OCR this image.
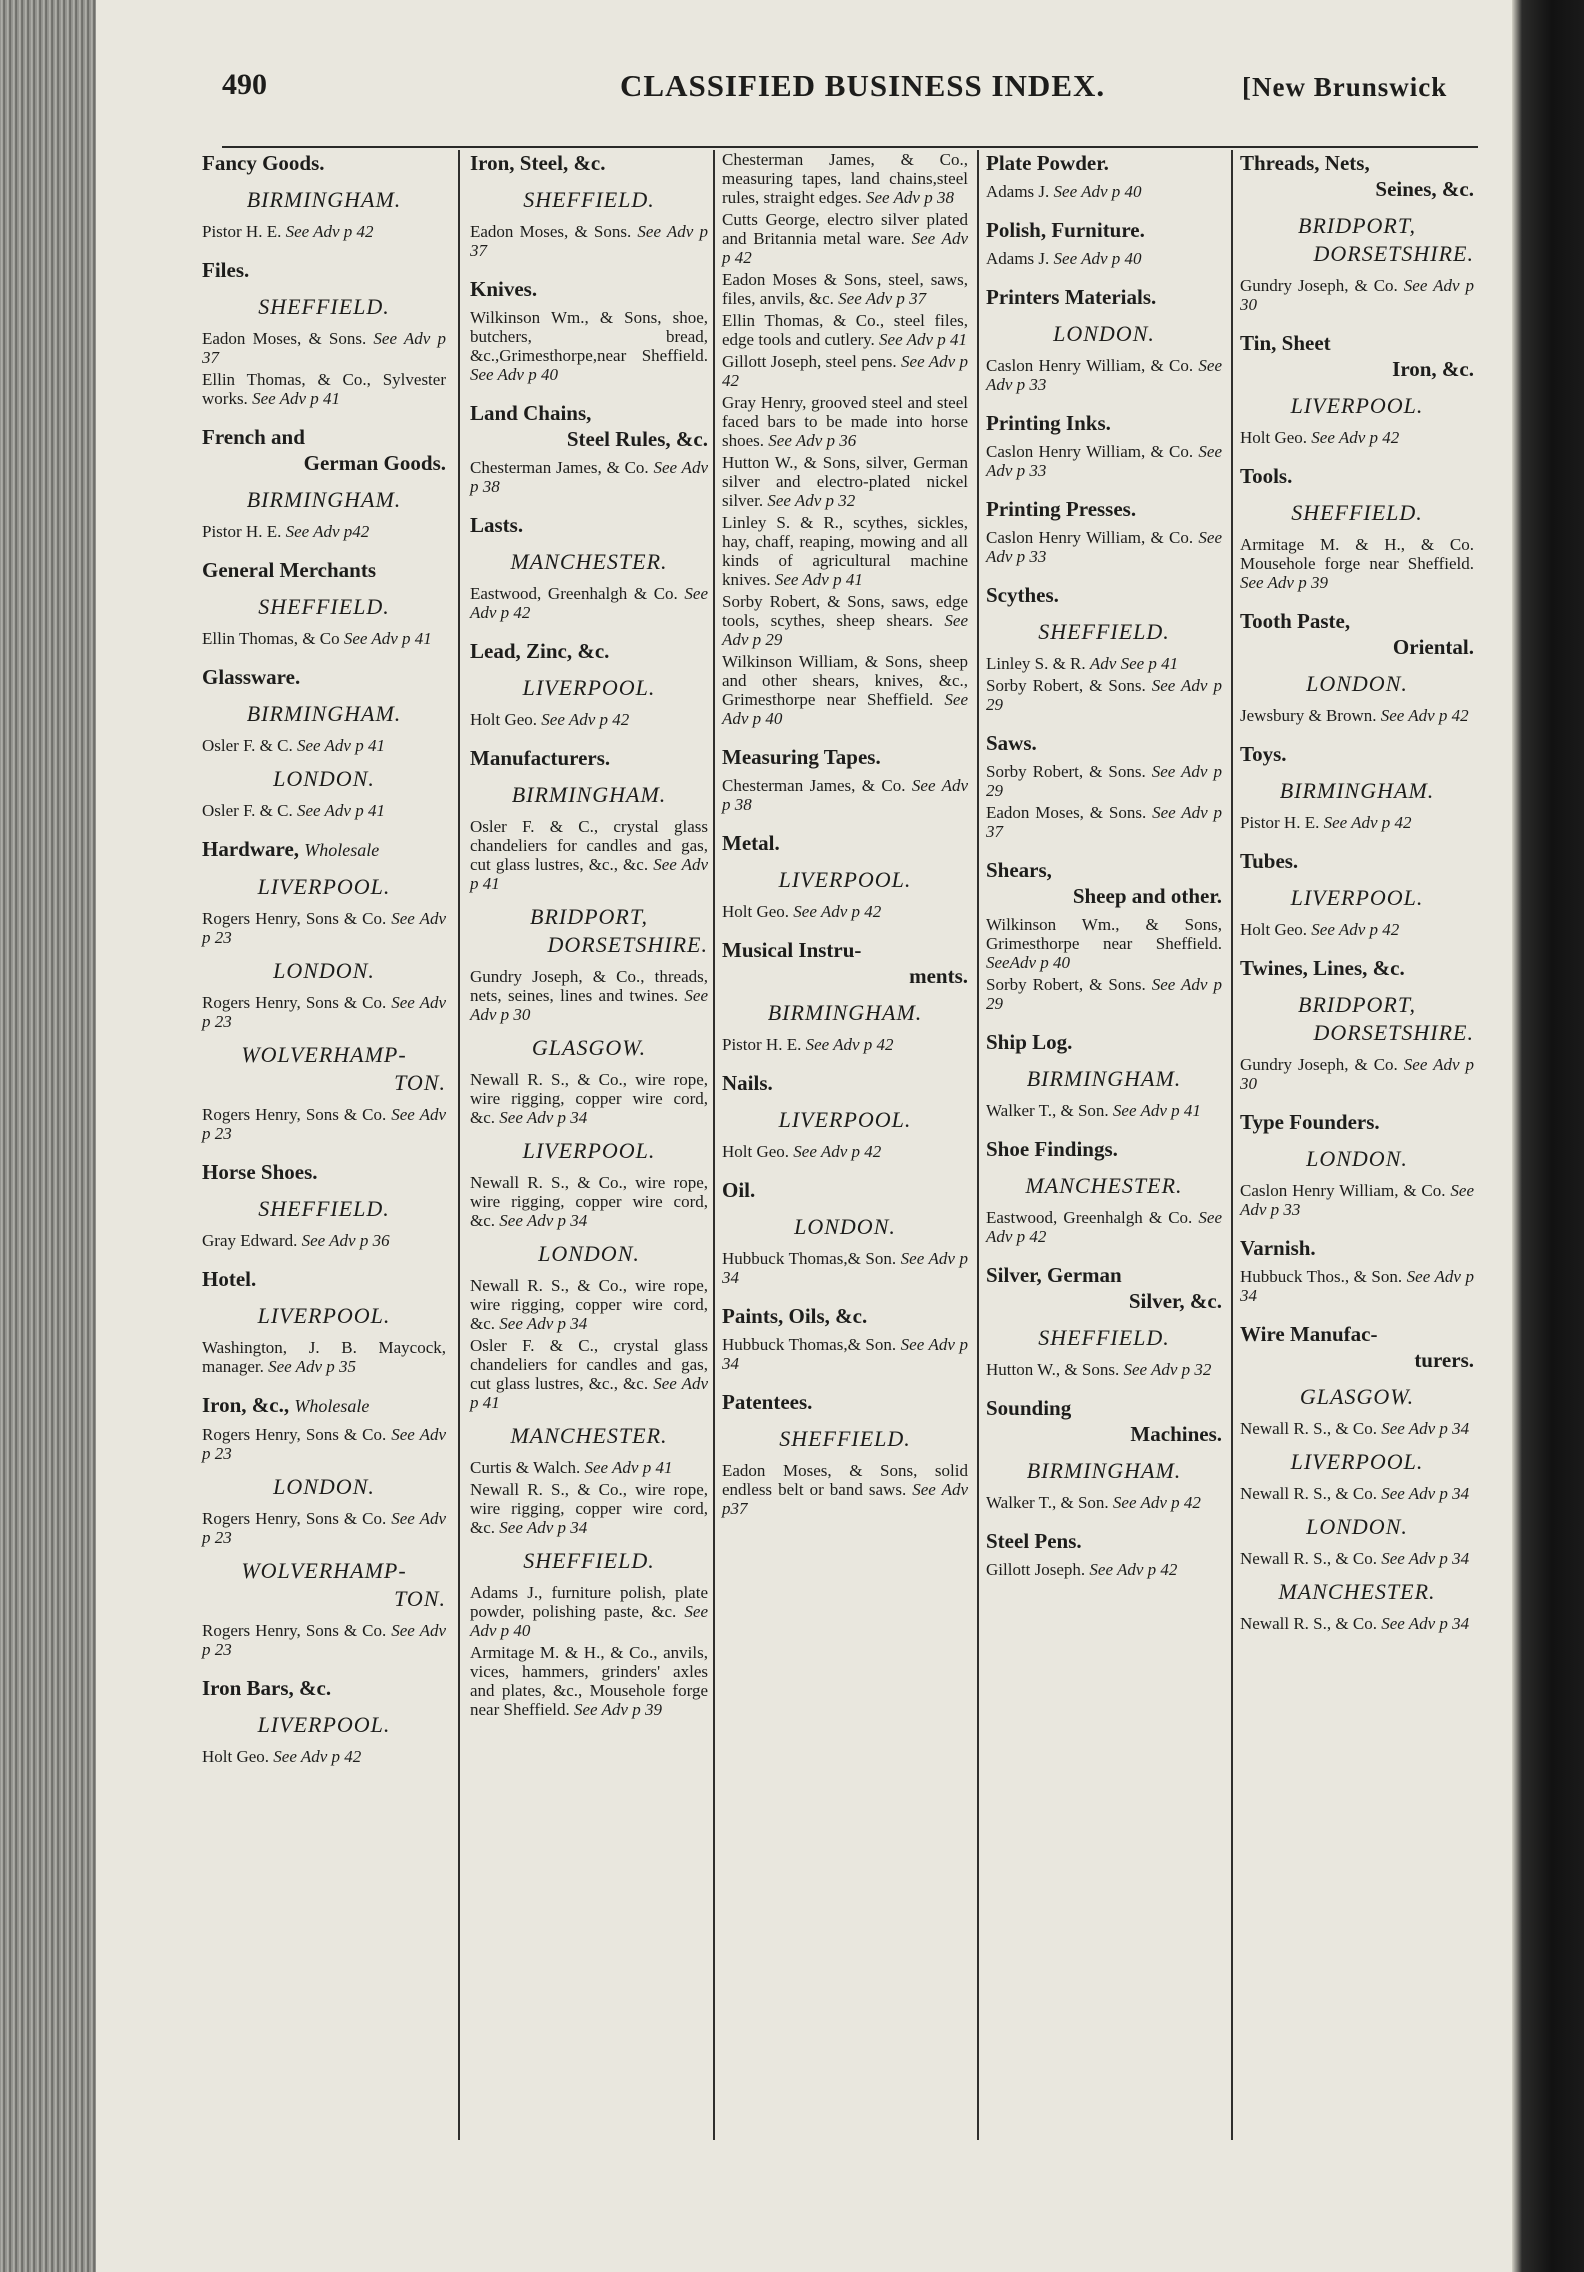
490	CLASSIFIED BUSINESS INDEX.	[New Brunswick
Fancy Goods.
BIRMINGHAM.
Pistor H. E. See Adv p 42
Files.
SHEFFIELD.
Eadon Moses, & Sons. See Adv p 37
Ellin Thomas, & Co., Sylvester works. See Adv p 41
French and
German Goods.
BIRMINGHAM.
Pistor H. E. See Adv p42
General Merchants
SHEFFIELD.
Ellin Thomas, & Co See Adv p 41
Glassware.
BIRMINGHAM.
Osler F. & C. See Adv p 41
LONDON.
Osler F. & C. See Adv p 41
Hardware, Wholesale
LIVERPOOL.
Rogers Henry, Sons & Co. See Adv p 23
LONDON.
Rogers Henry, Sons & Co. See Adv p 23
WOLVERHAMP-
TON.
Rogers Henry, Sons & Co. See Adv p 23
Horse Shoes.
SHEFFIELD.
Gray Edward. See Adv p 36
Hotel.
LIVERPOOL.
Washington, J. B. Maycock, manager. See Adv p 35
Iron, &c., Wholesale
Rogers Henry, Sons & Co. See Adv p 23
LONDON.
Rogers Henry, Sons & Co. See Adv p 23
WOLVERHAMP-
TON.
Rogers Henry, Sons & Co. See Adv p 23
Iron Bars, &c.
LIVERPOOL.
Holt Geo. See Adv p 42
Iron, Steel, &c.
SHEFFIELD.
Eadon Moses, & Sons. See Adv p 37
Knives.
Wilkinson Wm., & Sons, shoe, butchers, bread, &c.,Grimesthorpe,near Sheffield. See Adv p 40
Land Chains,
Steel Rules, &c.
Chesterman James, & Co. See Adv p 38
Lasts.
MANCHESTER.
Eastwood, Greenhalgh & Co. See Adv p 42
Lead, Zinc, &c.
LIVERPOOL.
Holt Geo. See Adv p 42
Manufacturers.
BIRMINGHAM.
Osler F. & C., crystal glass chandeliers for candles and gas, cut glass lustres, &c., &c. See Adv p 41
BRIDPORT,
DORSETSHIRE.
Gundry Joseph, & Co., threads, nets, seines, lines and twines. See Adv p 30
GLASGOW.
Newall R. S., & Co., wire rope, wire rigging, copper wire cord, &c. See Adv p 34
LIVERPOOL.
Newall R. S., & Co., wire rope, wire rigging, copper wire cord, &c. See Adv p 34
LONDON.
Newall R. S., & Co., wire rope, wire rigging, copper wire cord, &c. See Adv p 34
Osler F. & C., crystal glass chandeliers for candles and gas, cut glass lustres, &c., &c. See Adv p 41
MANCHESTER.
Curtis & Walch. See Adv p 41
Newall R. S., & Co., wire rope, wire rigging, copper wire cord, &c. See Adv p 34
SHEFFIELD.
Adams J., furniture polish, plate powder, polishing paste, &c. See Adv p 40
Armitage M. & H., & Co., anvils, vices, hammers, grinders' axles and plates, &c., Mousehole forge near Sheffield. See Adv p 39
Chesterman James, & Co., measuring tapes, land chains,steel rules, straight edges. See Adv p 38
Cutts George, electro silver plated and Britannia metal ware. See Adv p 42
Eadon Moses & Sons, steel, saws, files, anvils, &c. See Adv p 37
Ellin Thomas, & Co., steel files, edge tools and cutlery. See Adv p 41
Gillott Joseph, steel pens. See Adv p 42
Gray Henry, grooved steel and steel faced bars to be made into horse shoes. See Adv p 36
Hutton W., & Sons, silver, German silver and electro-plated nickel silver. See Adv p 32
Linley S. & R., scythes, sickles, hay, chaff, reaping, mowing and all kinds of agricultural machine knives. See Adv p 41
Sorby Robert, & Sons, saws, edge tools, scythes, sheep shears. See Adv p 29
Wilkinson William, & Sons, sheep and other shears, knives, &c., Grimesthorpe near Sheffield. See Adv p 40
Measuring Tapes.
Chesterman James, & Co. See Adv p 38
Metal.
LIVERPOOL.
Holt Geo. See Adv p 42
Musical Instru-
ments.
BIRMINGHAM.
Pistor H. E. See Adv p 42
Nails.
LIVERPOOL.
Holt Geo. See Adv p 42
Oil.
LONDON.
Hubbuck Thomas,& Son. See Adv p 34
Paints, Oils, &c.
Hubbuck Thomas,& Son. See Adv p 34
Patentees.
SHEFFIELD.
Eadon Moses, & Sons, solid endless belt or band saws. See Adv p37
Plate Powder.
Adams J. See Adv p 40
Polish, Furniture.
Adams J. See Adv p 40
Printers Materials.
LONDON.
Caslon Henry William, & Co. See Adv p 33
Printing Inks.
Caslon Henry William, & Co. See Adv p 33
Printing Presses.
Caslon Henry William, & Co. See Adv p 33
Scythes.
SHEFFIELD.
Linley S. & R. Adv See p 41
Sorby Robert, & Sons. See Adv p 29
Saws.
Sorby Robert, & Sons. See Adv p 29
Eadon Moses, & Sons. See Adv p 37
Shears,
Sheep and other.
Wilkinson Wm., & Sons, Grimesthorpe near Sheffield. SeeAdv p 40
Sorby Robert, & Sons. See Adv p 29
Ship Log.
BIRMINGHAM.
Walker T., & Son. See Adv p 41
Shoe Findings.
MANCHESTER.
Eastwood, Greenhalgh & Co. See Adv p 42
Silver, German
Silver, &c.
SHEFFIELD.
Hutton W., & Sons. See Adv p 32
Sounding
Machines.
BIRMINGHAM.
Walker T., & Son. See Adv p 42
Steel Pens.
Gillott Joseph. See Adv p 42
Threads, Nets,
Seines, &c.
BRIDPORT,
DORSETSHIRE.
Gundry Joseph, & Co. See Adv p 30
Tin, Sheet
Iron, &c.
LIVERPOOL.
Holt Geo. See Adv p 42
Tools.
SHEFFIELD.
Armitage M. & H., & Co. Mousehole forge near Sheffield. See Adv p 39
Tooth Paste,
Oriental.
LONDON.
Jewsbury & Brown. See Adv p 42
Toys.
BIRMINGHAM.
Pistor H. E. See Adv p 42
Tubes.
LIVERPOOL.
Holt Geo. See Adv p 42
Twines, Lines, &c.
BRIDPORT,
DORSETSHIRE.
Gundry Joseph, & Co. See Adv p 30
Type Founders.
LONDON.
Caslon Henry William, & Co. See Adv p 33
Varnish.
Hubbuck Thos., & Son. See Adv p 34
Wire Manufac-
turers.
GLASGOW.
Newall R. S., & Co. See Adv p 34
LIVERPOOL.
Newall R. S., & Co. See Adv p 34
LONDON.
Newall R. S., & Co. See Adv p 34
MANCHESTER.
Newall R. S., & Co. See Adv p 34
